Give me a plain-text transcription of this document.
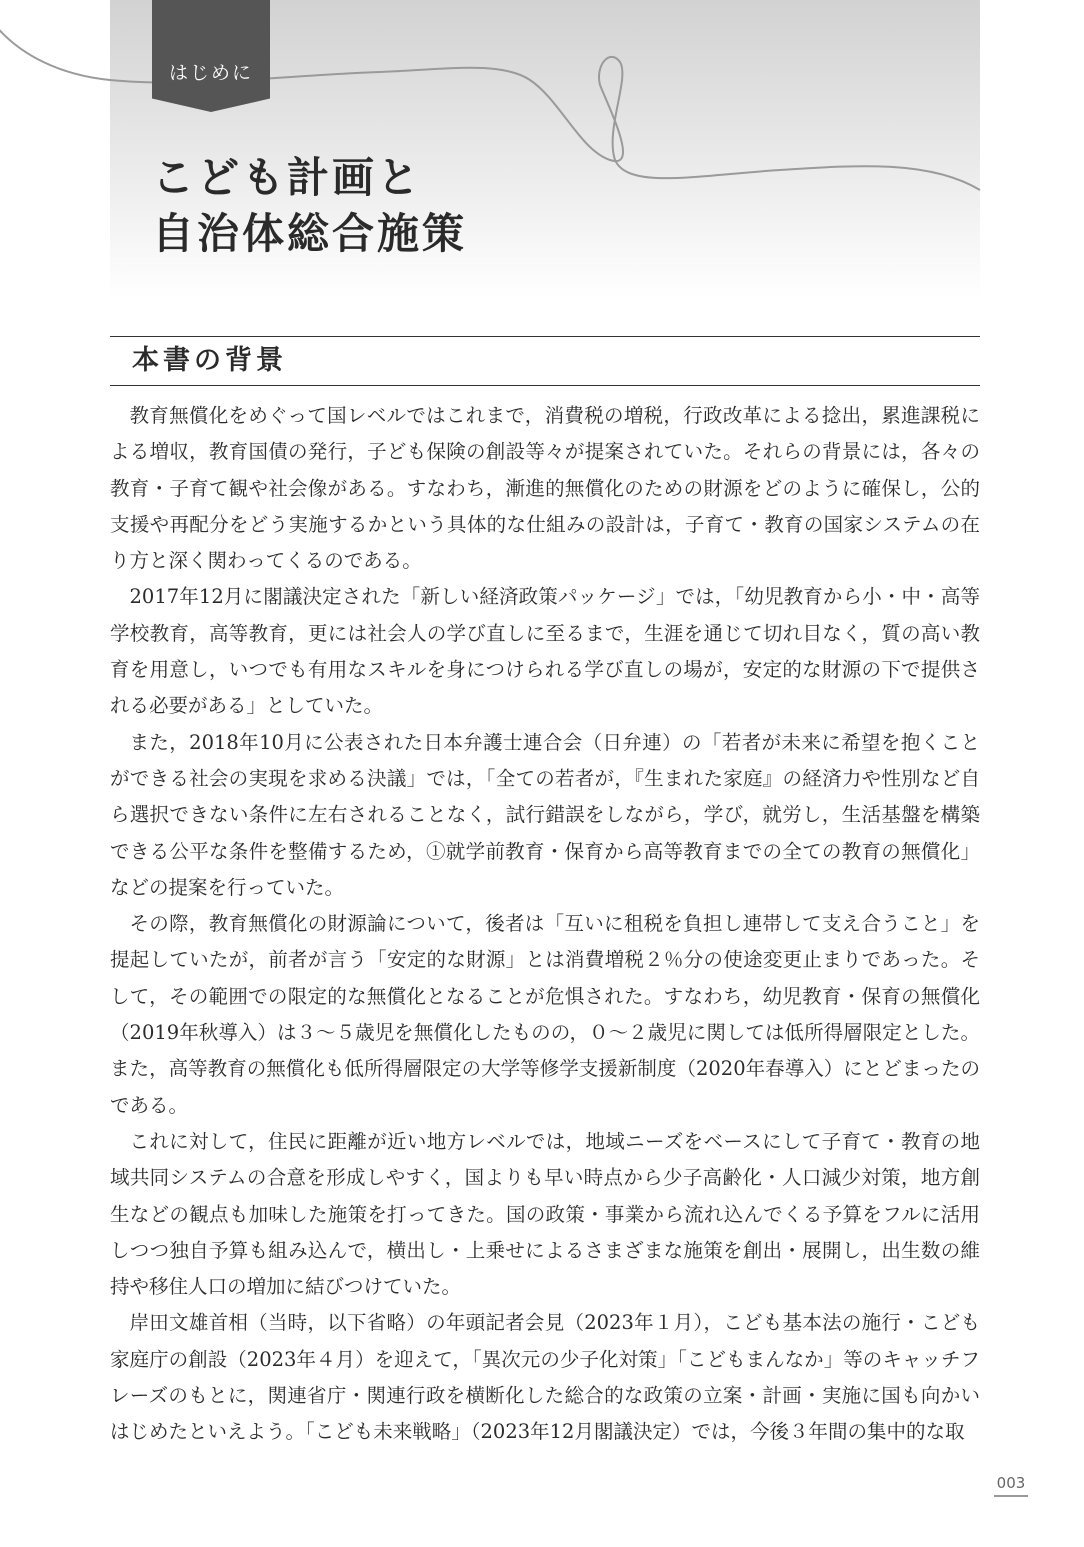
はじめに
こども計画と
自治体総合施策
本書の背景

教育無償化をめぐって国レベルではこれまで，消費税の増税，行政改革による捻出，累進課税による増収，教育国債の発行，子ども保険の創設等々が提案されていた。それらの背景には，各々の教育・子育て観や社会像がある。すなわち，漸進的無償化のための財源をどのように確保し，公的支援や再配分をどう実施するかという具体的な仕組みの設計は，子育て・教育の国家システムの在り方と深く関わってくるのである。

2017年12月に閣議決定された「新しい経済政策パッケージ」では，「幼児教育から小・中・高等学校教育，高等教育，更には社会人の学び直しに至るまで，生涯を通じて切れ目なく，質の高い教育を用意し，いつでも有用なスキルを身につけられる学び直しの場が，安定的な財源の下で提供される必要がある」としていた。

また，2018年10月に公表された日本弁護士連合会（日弁連）の「若者が未来に希望を抱くことができる社会の実現を求める決議」では，「全ての若者が，『生まれた家庭』の経済力や性別など自ら選択できない条件に左右されることなく，試行錯誤をしながら，学び，就労し，生活基盤を構築できる公平な条件を整備するため，①就学前教育・保育から高等教育までの全ての教育の無償化」などの提案を行っていた。

その際，教育無償化の財源論について，後者は「互いに租税を負担し連帯して支え合うこと」を提起していたが，前者が言う「安定的な財源」とは消費増税２％分の使途変更止まりであった。そして，その範囲での限定的な無償化となることが危惧された。すなわち，幼児教育・保育の無償化（2019年秋導入）は３～５歳児を無償化したものの，０～２歳児に関しては低所得層限定とした。また，高等教育の無償化も低所得層限定の大学等修学支援新制度（2020年春導入）にとどまったのである。

これに対して，住民に距離が近い地方レベルでは，地域ニーズをベースにして子育て・教育の地域共同システムの合意を形成しやすく，国よりも早い時点から少子高齢化・人口減少対策，地方創生などの観点も加味した施策を打ってきた。国の政策・事業から流れ込んでくる予算をフルに活用しつつ独自予算も組み込んで，横出し・上乗せによるさまざまな施策を創出・展開し，出生数の維持や移住人口の増加に結びつけていた。

岸田文雄首相（当時，以下省略）の年頭記者会見（2023年１月），こども基本法の施行・こども家庭庁の創設（2023年４月）を迎えて，「異次元の少子化対策」「こどもまんなか」等のキャッチフレーズのもとに，関連省庁・関連行政を横断化した総合的な政策の立案・計画・実施に国も向かいはじめたといえよう。「こども未来戦略」（2023年12月閣議決定）では，今後３年間の集中的な取

003
